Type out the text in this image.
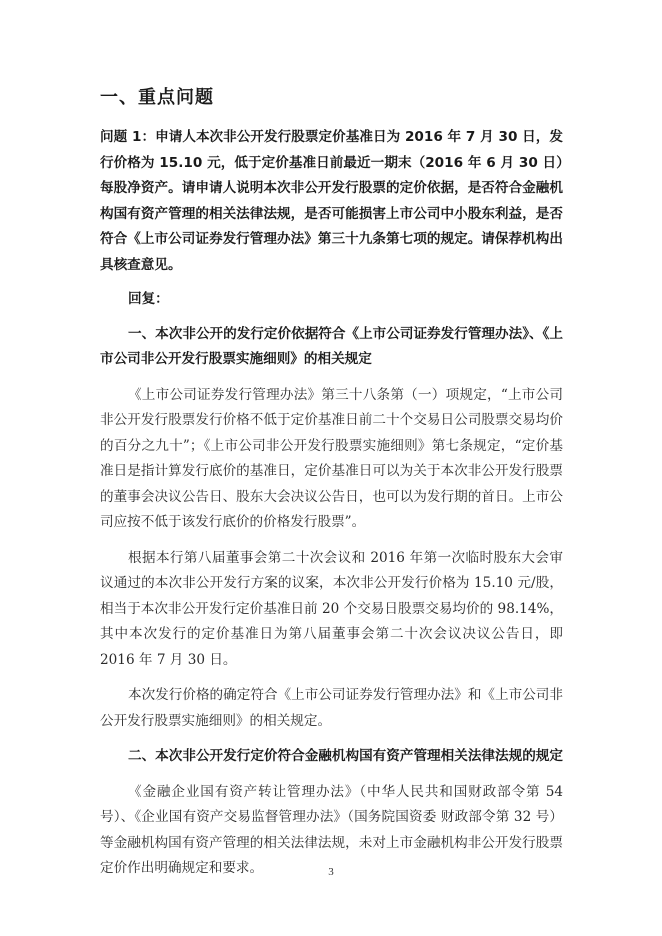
一、重点问题

问题 1：申请人本次非公开发行股票定价基准日为 2016 年 7 月 30 日，发行价格为 15.10 元，低于定价基准日前最近一期末（2016 年 6 月 30 日）每股净资产。请申请人说明本次非公开发行股票的定价依据，是否符合金融机构国有资产管理的相关法律法规，是否可能损害上市公司中小股东利益，是否符合《上市公司证券发行管理办法》第三十九条第七项的规定。请保荐机构出具核查意见。

回复：

一、本次非公开的发行定价依据符合《上市公司证券发行管理办法》、《上市公司非公开发行股票实施细则》的相关规定

《上市公司证券发行管理办法》第三十八条第（一）项规定，“上市公司非公开发行股票发行价格不低于定价基准日前二十个交易日公司股票交易均价的百分之九十”；《上市公司非公开发行股票实施细则》第七条规定，“定价基准日是指计算发行底价的基准日，定价基准日可以为关于本次非公开发行股票的董事会决议公告日、股东大会决议公告日，也可以为发行期的首日。上市公司应按不低于该发行底价的价格发行股票”。

根据本行第八届董事会第二十次会议和 2016 年第一次临时股东大会审议通过的本次非公开发行方案的议案，本次非公开发行价格为 15.10 元/股，相当于本次非公开发行定价基准日前 20 个交易日股票交易均价的 98.14%，其中本次发行的定价基准日为第八届董事会第二十次会议决议公告日，即 2016 年 7 月 30 日。

本次发行价格的确定符合《上市公司证券发行管理办法》和《上市公司非公开发行股票实施细则》的相关规定。

二、本次非公开发行定价符合金融机构国有资产管理相关法律法规的规定

《金融企业国有资产转让管理办法》（中华人民共和国财政部令第 54 号）、《企业国有资产交易监督管理办法》（国务院国资委 财政部令第 32 号）等金融机构国有资产管理的相关法律法规，未对上市金融机构非公开发行股票定价作出明确规定和要求。	3
